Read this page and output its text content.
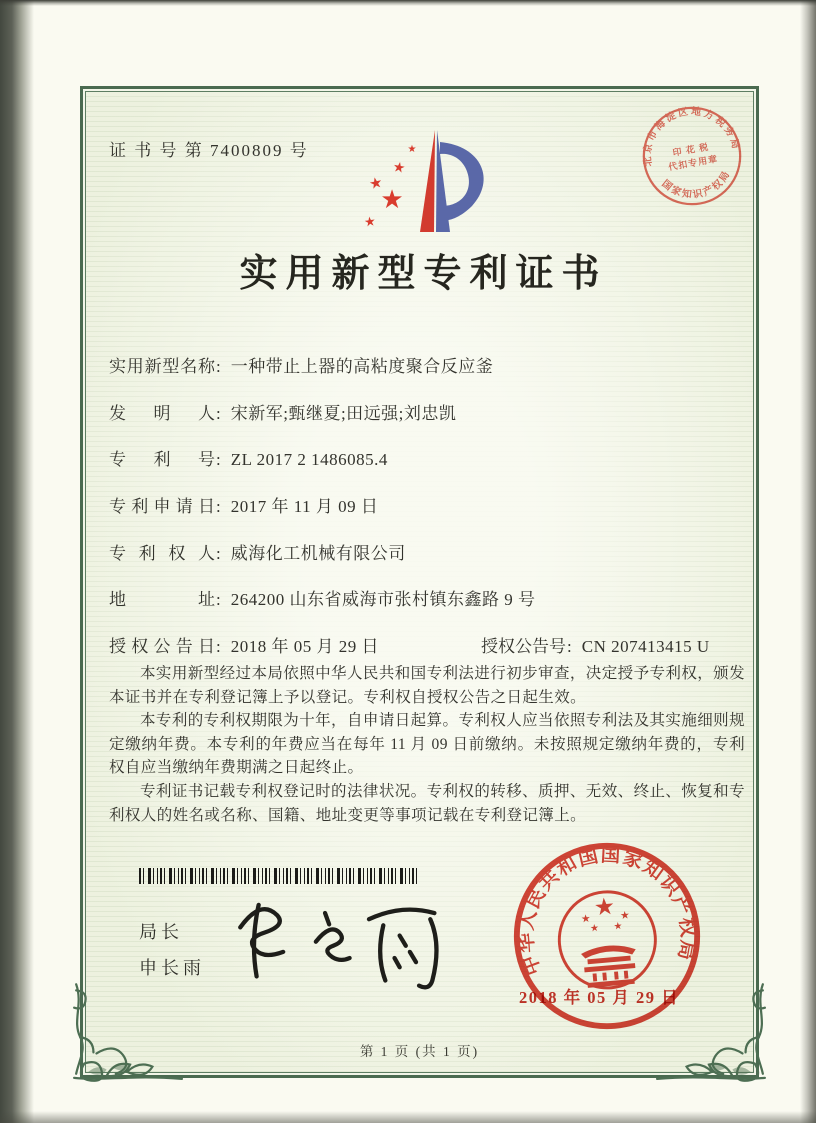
证 书 号 第 7400809 号
★
★
★
★
★
北京市海淀区地方税务局
国家知识产权局
印 花 税
代扣专用章
实用新型专利证书
实用新型名称: 一种带止上器的高粘度聚合反应釜
发明人: 宋新军;甄继夏;田远强;刘忠凯
专利号: ZL 2017 2 1486085.4
专利申请日: 2017 年 11 月 09 日
专利权人: 威海化工机械有限公司
地址: 264200 山东省威海市张村镇东鑫路 9 号
授权公告日: 2018 年 05 月 29 日	授权公告号: CN 207413415 U

本实用新型经过本局依照中华人民共和国专利法进行初步审查，决定授予专利权，颁发本证书并在专利登记簿上予以登记。专利权自授权公告之日起生效。

本专利的专利权期限为十年，自申请日起算。专利权人应当依照专利法及其实施细则规定缴纳年费。本专利的年费应当在每年 11 月 09 日前缴纳。未按照规定缴纳年费的，专利权自应当缴纳年费期满之日起终止。

专利证书记载专利权登记时的法律状况。专利权的转移、质押、无效、终止、恢复和专利权人的姓名或名称、国籍、地址变更等事项记载在专利登记簿上。

局长
申长雨	中华人民共和国国家知识产权局
★
★	★
★ ★
2018 年 05 月 29 日
第 1 页 (共 1 页)
